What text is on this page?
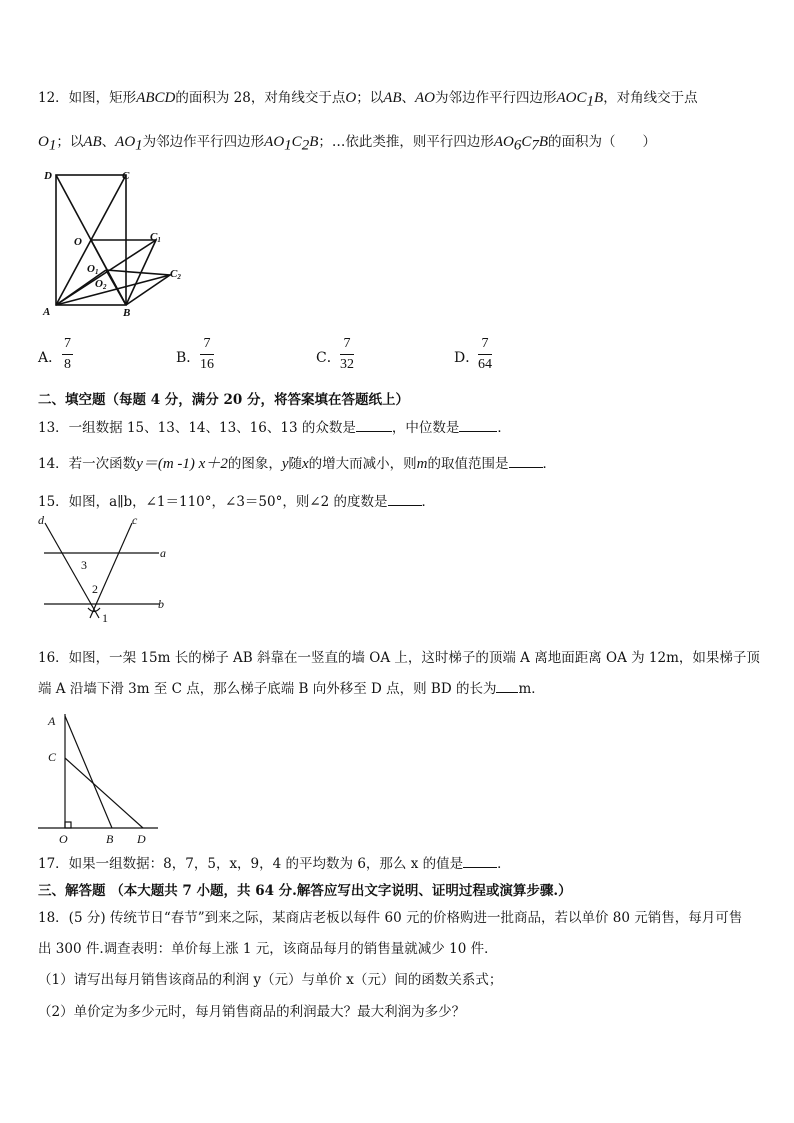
12．如图，矩形ABCD的面积为 28，对角线交于点O；以AB、AO为邻边作平行四边形$AOC_1B$，对角线交于点
$O_1$；以AB、$AO_1$为邻边作平行四边形$AO_1C_2B$；…依此类推，则平行四边形$AO_6C_7B$的面积为（　　）
D	C
O	C1
O1
O2
C2
A	B
A．
7
8	B．
7
16	C．
7
32	D．
7
64
二、填空题（每题 4 分，满分 20 分，将答案填在答题纸上）
13．一组数据 15、13、14、13、16、13 的众数是	，中位数是	．
14．若一次函数y＝(m -1) x＋2的图象，y随x的增大而减小，则m的取值范围是	．
15．如图，a∥b，∠1＝110°，∠3＝50°，则∠2 的度数是	．
d	c
a
b
3
2
1
16．如图，一架 15m 长的梯子 AB 斜靠在一竖直的墙 OA 上，这时梯子的顶端 A 离地面距离 OA 为 12m，如果梯子顶
端 A 沿墙下滑 3m 至 C 点，那么梯子底端 B 向外移至 D 点，则 BD 的长为 m．
A
C
O	B D
17．如果一组数据：8，7，5，x，9，4 的平均数为 6，那么 x 的值是	．
三、解答题 （本大题共 7 小题，共 64 分.解答应写出文字说明、证明过程或演算步骤.）
18．(5 分) 传统节日“春节”到来之际，某商店老板以每件 60 元的价格购进一批商品，若以单价 80 元销售，每月可售
出 300 件.调查表明：单价每上涨 1 元，该商品每月的销售量就减少 10 件．
（1）请写出每月销售该商品的利润 y（元）与单价 x（元）间的函数关系式；
（2）单价定为多少元时，每月销售商品的利润最大？最大利润为多少？
